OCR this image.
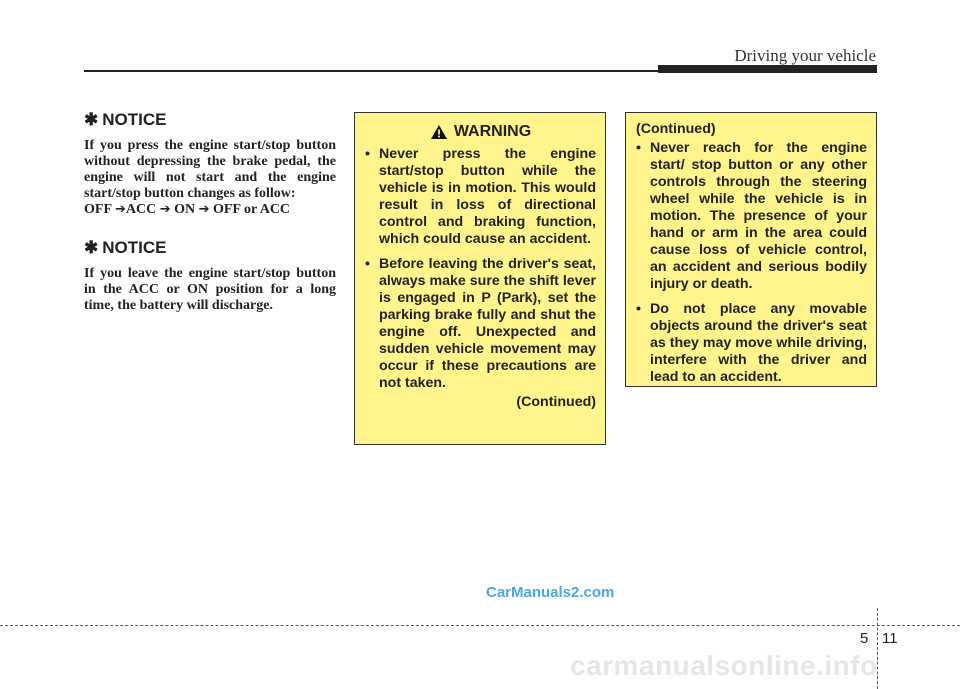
Driving your vehicle
✱ NOTICE
If you press the engine start/stop button without depressing the brake pedal, the engine will not start and the engine start/stop button changes as follow:
OFF ➔ACC ➔ ON ➔ OFF or ACC
✱ NOTICE
If you leave the engine start/stop button in the ACC or ON position for a long time, the battery will discharge.
WARNING
• Never press the engine start/stop button while the vehicle is in motion. This would result in loss of directional control and braking function, which could cause an accident.
• Before leaving the driver's seat, always make sure the shift lever is engaged in P (Park), set the parking brake fully and shut the engine off. Unexpected and sudden vehicle movement may occur if these precautions are not taken.
(Continued)
(Continued)
• Never reach for the engine start/ stop button or any other controls through the steering wheel while the vehicle is in motion. The presence of your hand or arm in the area could cause loss of vehicle control, an accident and serious bodily injury or death.
• Do not place any movable objects around the driver's seat as they may move while driving, interfere with the driver and lead to an accident.
CarManuals2.com
5 11
carmanualsonline.info
